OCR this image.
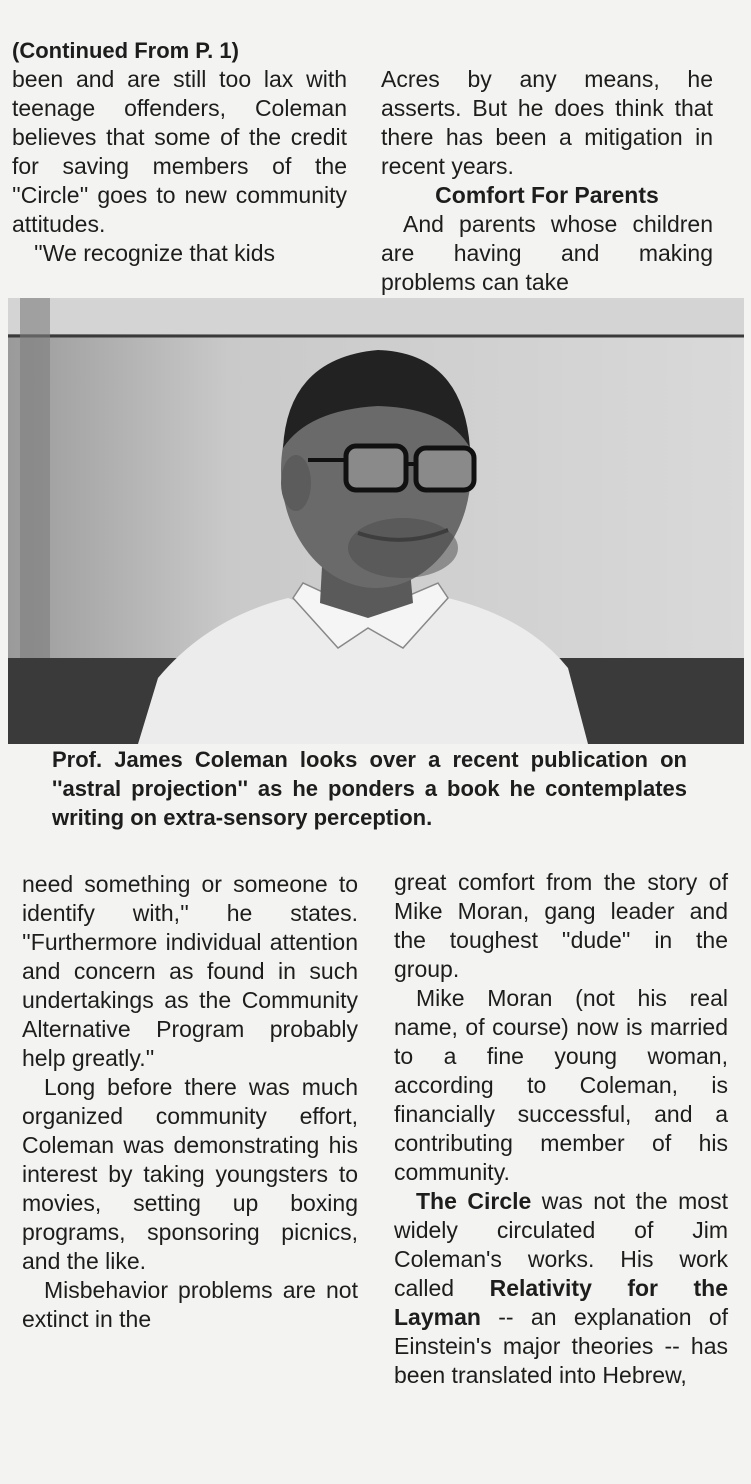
(Continued From P. 1)

been and are still too lax with teenage offenders, Coleman believes that some of the credit for saving members of the ''Circle'' goes to new community attitudes.

''We recognize that kids

Acres by any means, he asserts. But he does think that there has been a mitigation in recent years.

Comfort For Parents

And parents whose children are having and making problems can take

Prof. James Coleman looks over a recent publication on ''astral projection'' as he ponders a book he contemplates writing on extra-sensory perception.

need something or someone to identify with,'' he states. ''Furthermore individual attention and concern as found in such undertakings as the Community Alternative Program probably help greatly.''

Long before there was much organized community effort, Coleman was demonstrating his interest by taking youngsters to movies, setting up boxing programs, sponsoring picnics, and the like.

Misbehavior problems are not extinct in the

great comfort from the story of Mike Moran, gang leader and the toughest ''dude'' in the group.

Mike Moran (not his real name, of course) now is married to a fine young woman, according to Coleman, is financially successful, and a contributing member of his community.

The Circle was not the most widely circulated of Jim Coleman's works. His work called Relativity for the Layman -- an explanation of Einstein's major theories -- has been translated into Hebrew,
